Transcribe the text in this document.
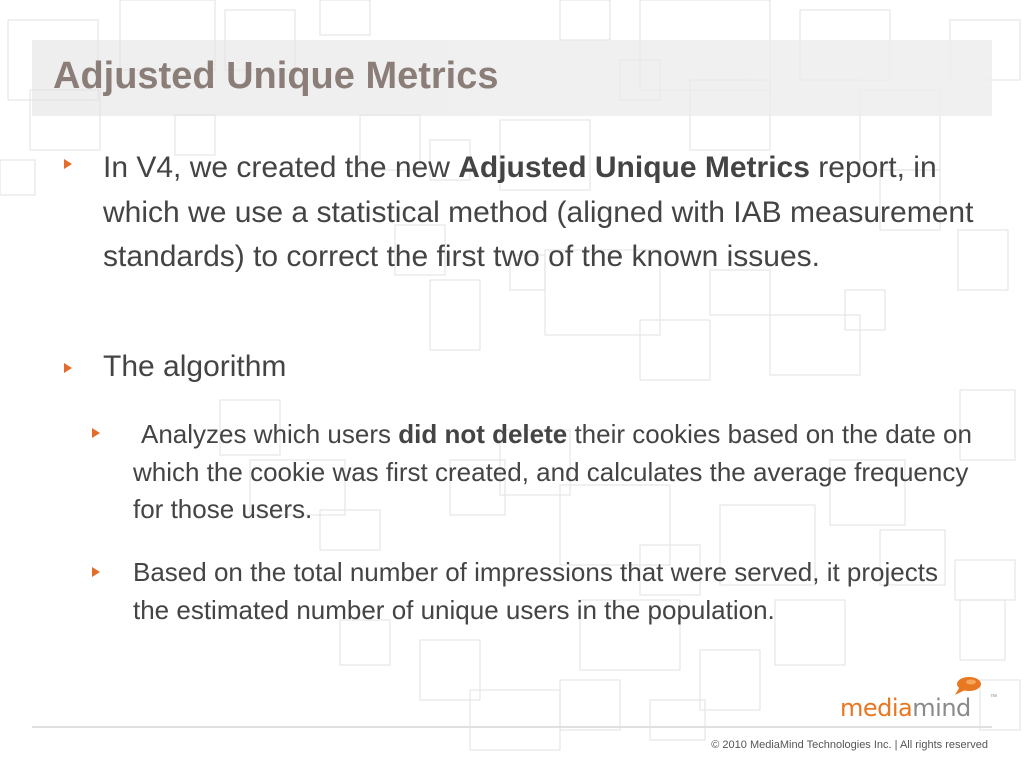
Adjusted Unique Metrics

In V4, we created the new Adjusted Unique Metrics report, in which we use a statistical method (aligned with IAB measurement standards) to correct the first two of the known issues.

The algorithm

Analyzes which users did not delete their cookies based on the date on which the cookie was first created, and calculates the average frequency for those users.

Based on the total number of impressions that were served, it projects the estimated number of unique users in the population.

mediamind	™
© 2010 MediaMind Technologies Inc. | All rights reserved
